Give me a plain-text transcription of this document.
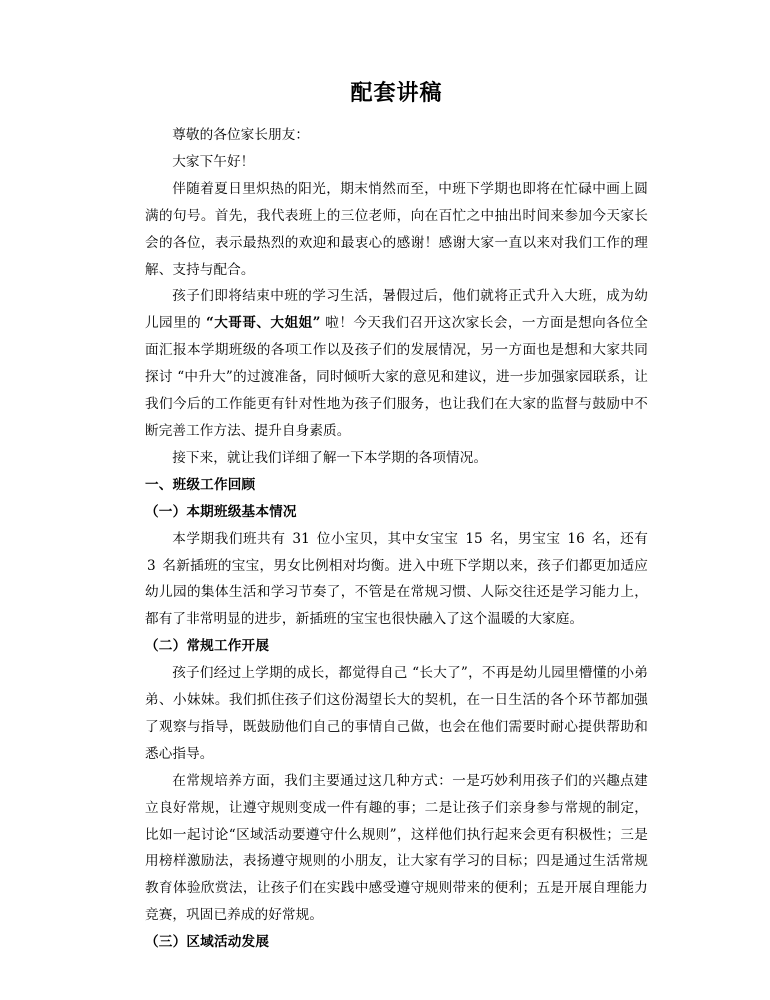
配套讲稿

尊敬的各位家长朋友：

大家下午好！

伴随着夏日里炽热的阳光，期末悄然而至，中班下学期也即将在忙碌中画上圆满的句号。首先，我代表班上的三位老师，向在百忙之中抽出时间来参加今天家长会的各位，表示最热烈的欢迎和最衷心的感谢！感谢大家一直以来对我们工作的理解、支持与配合。

孩子们即将结束中班的学习生活，暑假过后，他们就将正式升入大班，成为幼儿园里的 “大哥哥、大姐姐” 啦！今天我们召开这次家长会，一方面是想向各位全面汇报本学期班级的各项工作以及孩子们的发展情况，另一方面也是想和大家共同探讨 “中升大”的过渡准备，同时倾听大家的意见和建议，进一步加强家园联系，让我们今后的工作能更有针对性地为孩子们服务，也让我们在大家的监督与鼓励中不断完善工作方法、提升自身素质。

接下来，就让我们详细了解一下本学期的各项情况。

一、班级工作回顾

（一）本期班级基本情况

本学期我们班共有 31 位小宝贝，其中女宝宝 15 名，男宝宝 16 名，还有 3 名新插班的宝宝，男女比例相对均衡。进入中班下学期以来，孩子们都更加适应幼儿园的集体生活和学习节奏了，不管是在常规习惯、人际交往还是学习能力上，都有了非常明显的进步，新插班的宝宝也很快融入了这个温暖的大家庭。

（二）常规工作开展

孩子们经过上学期的成长，都觉得自己 “长大了”，不再是幼儿园里懵懂的小弟弟、小妹妹。我们抓住孩子们这份渴望长大的契机，在一日生活的各个环节都加强了观察与指导，既鼓励他们自己的事情自己做，也会在他们需要时耐心提供帮助和悉心指导。

在常规培养方面，我们主要通过这几种方式：一是巧妙利用孩子们的兴趣点建立良好常规，让遵守规则变成一件有趣的事；二是让孩子们亲身参与常规的制定，比如一起讨论“区域活动要遵守什么规则”，这样他们执行起来会更有积极性；三是用榜样激励法，表扬遵守规则的小朋友，让大家有学习的目标；四是通过生活常规教育体验欣赏法，让孩子们在实践中感受遵守规则带来的便利；五是开展自理能力竞赛，巩固已养成的好常规。

（三）区域活动发展
